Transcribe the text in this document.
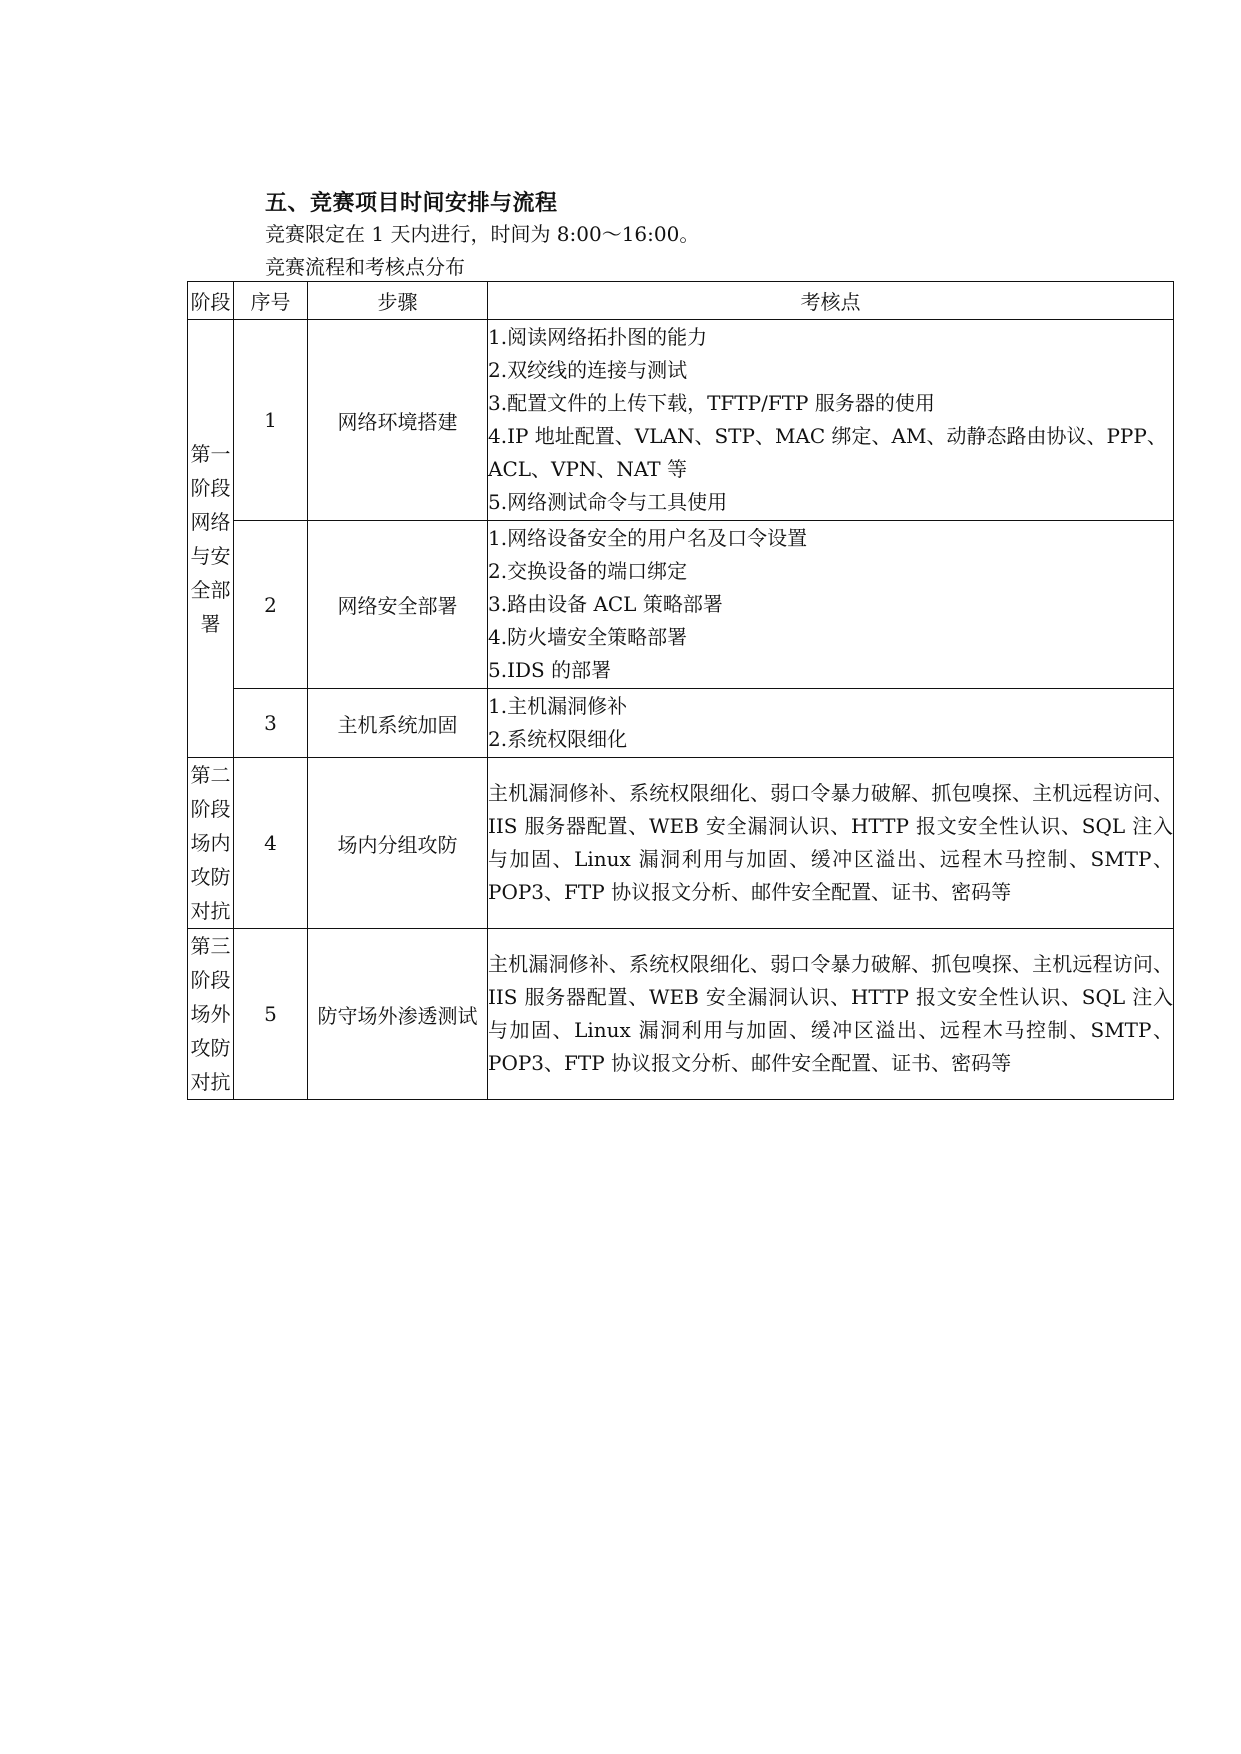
五、竞赛项目时间安排与流程
竞赛限定在 1 天内进行，时间为 8:00～16:00。
竞赛流程和考核点分布
阶段	序号	步骤	考核点
第一阶段网络与安全部署	1	网络环境搭建	1.阅读网络拓扑图的能力
2.双绞线的连接与测试
3.配置文件的上传下载，TFTP/FTP 服务器的使用
4.IP 地址配置、VLAN、STP、MAC 绑定、AM、动静态路由协议、PPP、ACL、VPN、NAT 等
5.网络测试命令与工具使用

	2	网络安全部署	1.网络设备安全的用户名及口令设置
2.交换设备的端口绑定
3.路由设备 ACL 策略部署
4.防火墙安全策略部署
5.IDS 的部署

	3	主机系统加固	1.主机漏洞修补
2.系统权限细化

第二阶段场内攻防对抗	4	场内分组攻防	主机漏洞修补、系统权限细化、弱口令暴力破解、抓包嗅探、主机远程访问、IIS 服务器配置、WEB 安全漏洞认识、HTTP 报文安全性认识、SQL 注入与加固、Linux 漏洞利用与加固、缓冲区溢出、远程木马控制、SMTP、POP3、FTP 协议报文分析、邮件安全配置、证书、密码等

第三阶段场外攻防对抗	5	防守场外渗透测试	主机漏洞修补、系统权限细化、弱口令暴力破解、抓包嗅探、主机远程访问、IIS 服务器配置、WEB 安全漏洞认识、HTTP 报文安全性认识、SQL 注入与加固、Linux 漏洞利用与加固、缓冲区溢出、远程木马控制、SMTP、POP3、FTP 协议报文分析、邮件安全配置、证书、密码等
